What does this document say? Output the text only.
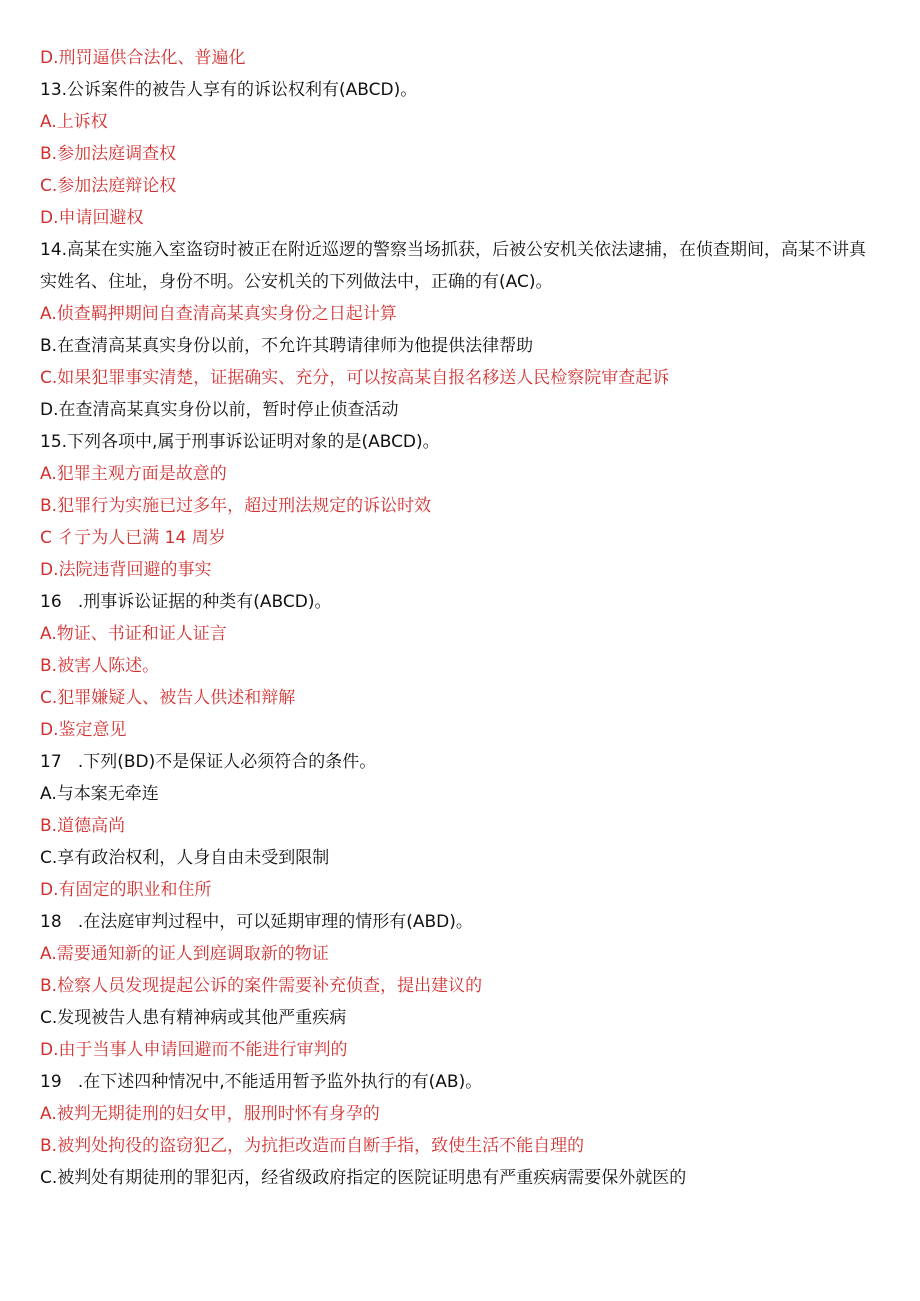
D.刑罚逼供合法化、普遍化
13.公诉案件的被告人享有的诉讼权利有(ABCD)。
A.上诉权
B.参加法庭调查权
C.参加法庭辩论权
D.申请回避权
14.高某在实施入室盗窃时被正在附近巡逻的警察当场抓获，后被公安机关依法逮捕，在侦查期间，高某不讲真实姓名、住址，身份不明。公安机关的下列做法中，正确的有(AC)。
A.侦查羁押期间自查清高某真实身份之日起计算
B.在查清高某真实身份以前，不允许其聘请律师为他提供法律帮助
C.如果犯罪事实清楚，证据确实、充分，可以按高某自报名移送人民检察院审查起诉
D.在查清高某真实身份以前，暂时停止侦查活动
15.下列各项中,属于刑事诉讼证明对象的是(ABCD)。
A.犯罪主观方面是故意的
B.犯罪行为实施已过多年，超过刑法规定的诉讼时效
C 彳亍为人已满 14 周岁
D.法院违背回避的事实
16   .刑事诉讼证据的种类有(ABCD)。
A.物证、书证和证人证言
B.被害人陈述。
C.犯罪嫌疑人、被告人供述和辩解
D.鉴定意见
17   .下列(BD)不是保证人必须符合的条件。
A.与本案无牵连
B.道德高尚
C.享有政治权利，人身自由未受到限制
D.有固定的职业和住所
18   .在法庭审判过程中，可以延期审理的情形有(ABD)。
A.需要通知新的证人到庭调取新的物证
B.检察人员发现提起公诉的案件需要补充侦查，提出建议的
C.发现被告人患有精神病或其他严重疾病
D.由于当事人申请回避而不能进行审判的
19   .在下述四种情况中,不能适用暂予监外执行的有(AB)。
A.被判无期徒刑的妇女甲，服刑时怀有身孕的
B.被判处拘役的盗窃犯乙，为抗拒改造而自断手指，致使生活不能自理的
C.被判处有期徒刑的罪犯丙，经省级政府指定的医院证明患有严重疾病需要保外就医的
